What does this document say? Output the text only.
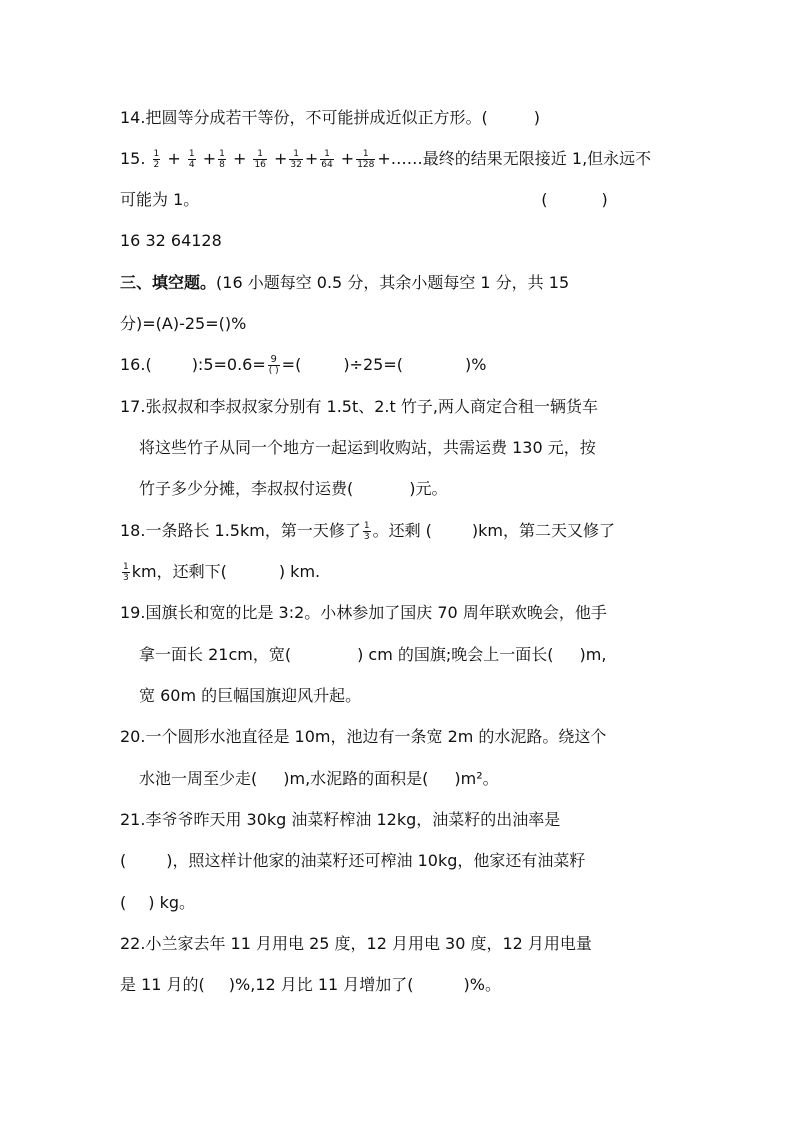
14.把圆等分成若干等份，不可能拼成近似正方形。(	)
15. $\frac{1}{2} + \frac{1}{4} + \frac{1}{8} + \frac{1}{16} + \frac{1}{32} + \frac{1}{64} + \frac{1}{128}$ +……最终的结果无限接近 1,但永远不
可能为 1。	(	)
16 32 64128
三、填空题。(16 小题每空 0.5 分，其余小题每空 1 分，共 15
分)=(A)-25=()%
16.(	):5=0.6= $\frac{9}{( )}$ =(	)÷25=(	)%
17.张叔叔和李叔叔家分别有 1.5t、2.t 竹子,两人商定合租一辆货车
将这些竹子从同一个地方一起运到收购站，共需运费 130 元，按
竹子多少分摊，李叔叔付运费(	)元。
18.一条路长 1.5km，第一天修了 $\frac{1}{3}$ 。还剩 (	)km，第二天又修了
$\frac{1}{3}$ km，还剩下(	) km.
19.国旗长和宽的比是 3:2。小林参加了国庆 70 周年联欢晚会，他手
拿一面长 21cm，宽(	) cm 的国旗;晚会上一面长( )m,
宽 60m 的巨幅国旗迎风升起。
20.一个圆形水池直径是 10m，池边有一条宽 2m 的水泥路。绕这个
水池一周至少走( )m,水泥路的面积是( )m²。
21.李爷爷昨天用 30kg 油菜籽榨油 12kg，油菜籽的出油率是
(	)，照这样计他家的油菜籽还可榨油 10kg，他家还有油菜籽
( ) kg。
22.小兰家去年 11 月用电 25 度，12 月用电 30 度，12 月用电量
是 11 月的( )%,12 月比 11 月增加了(	)%。
